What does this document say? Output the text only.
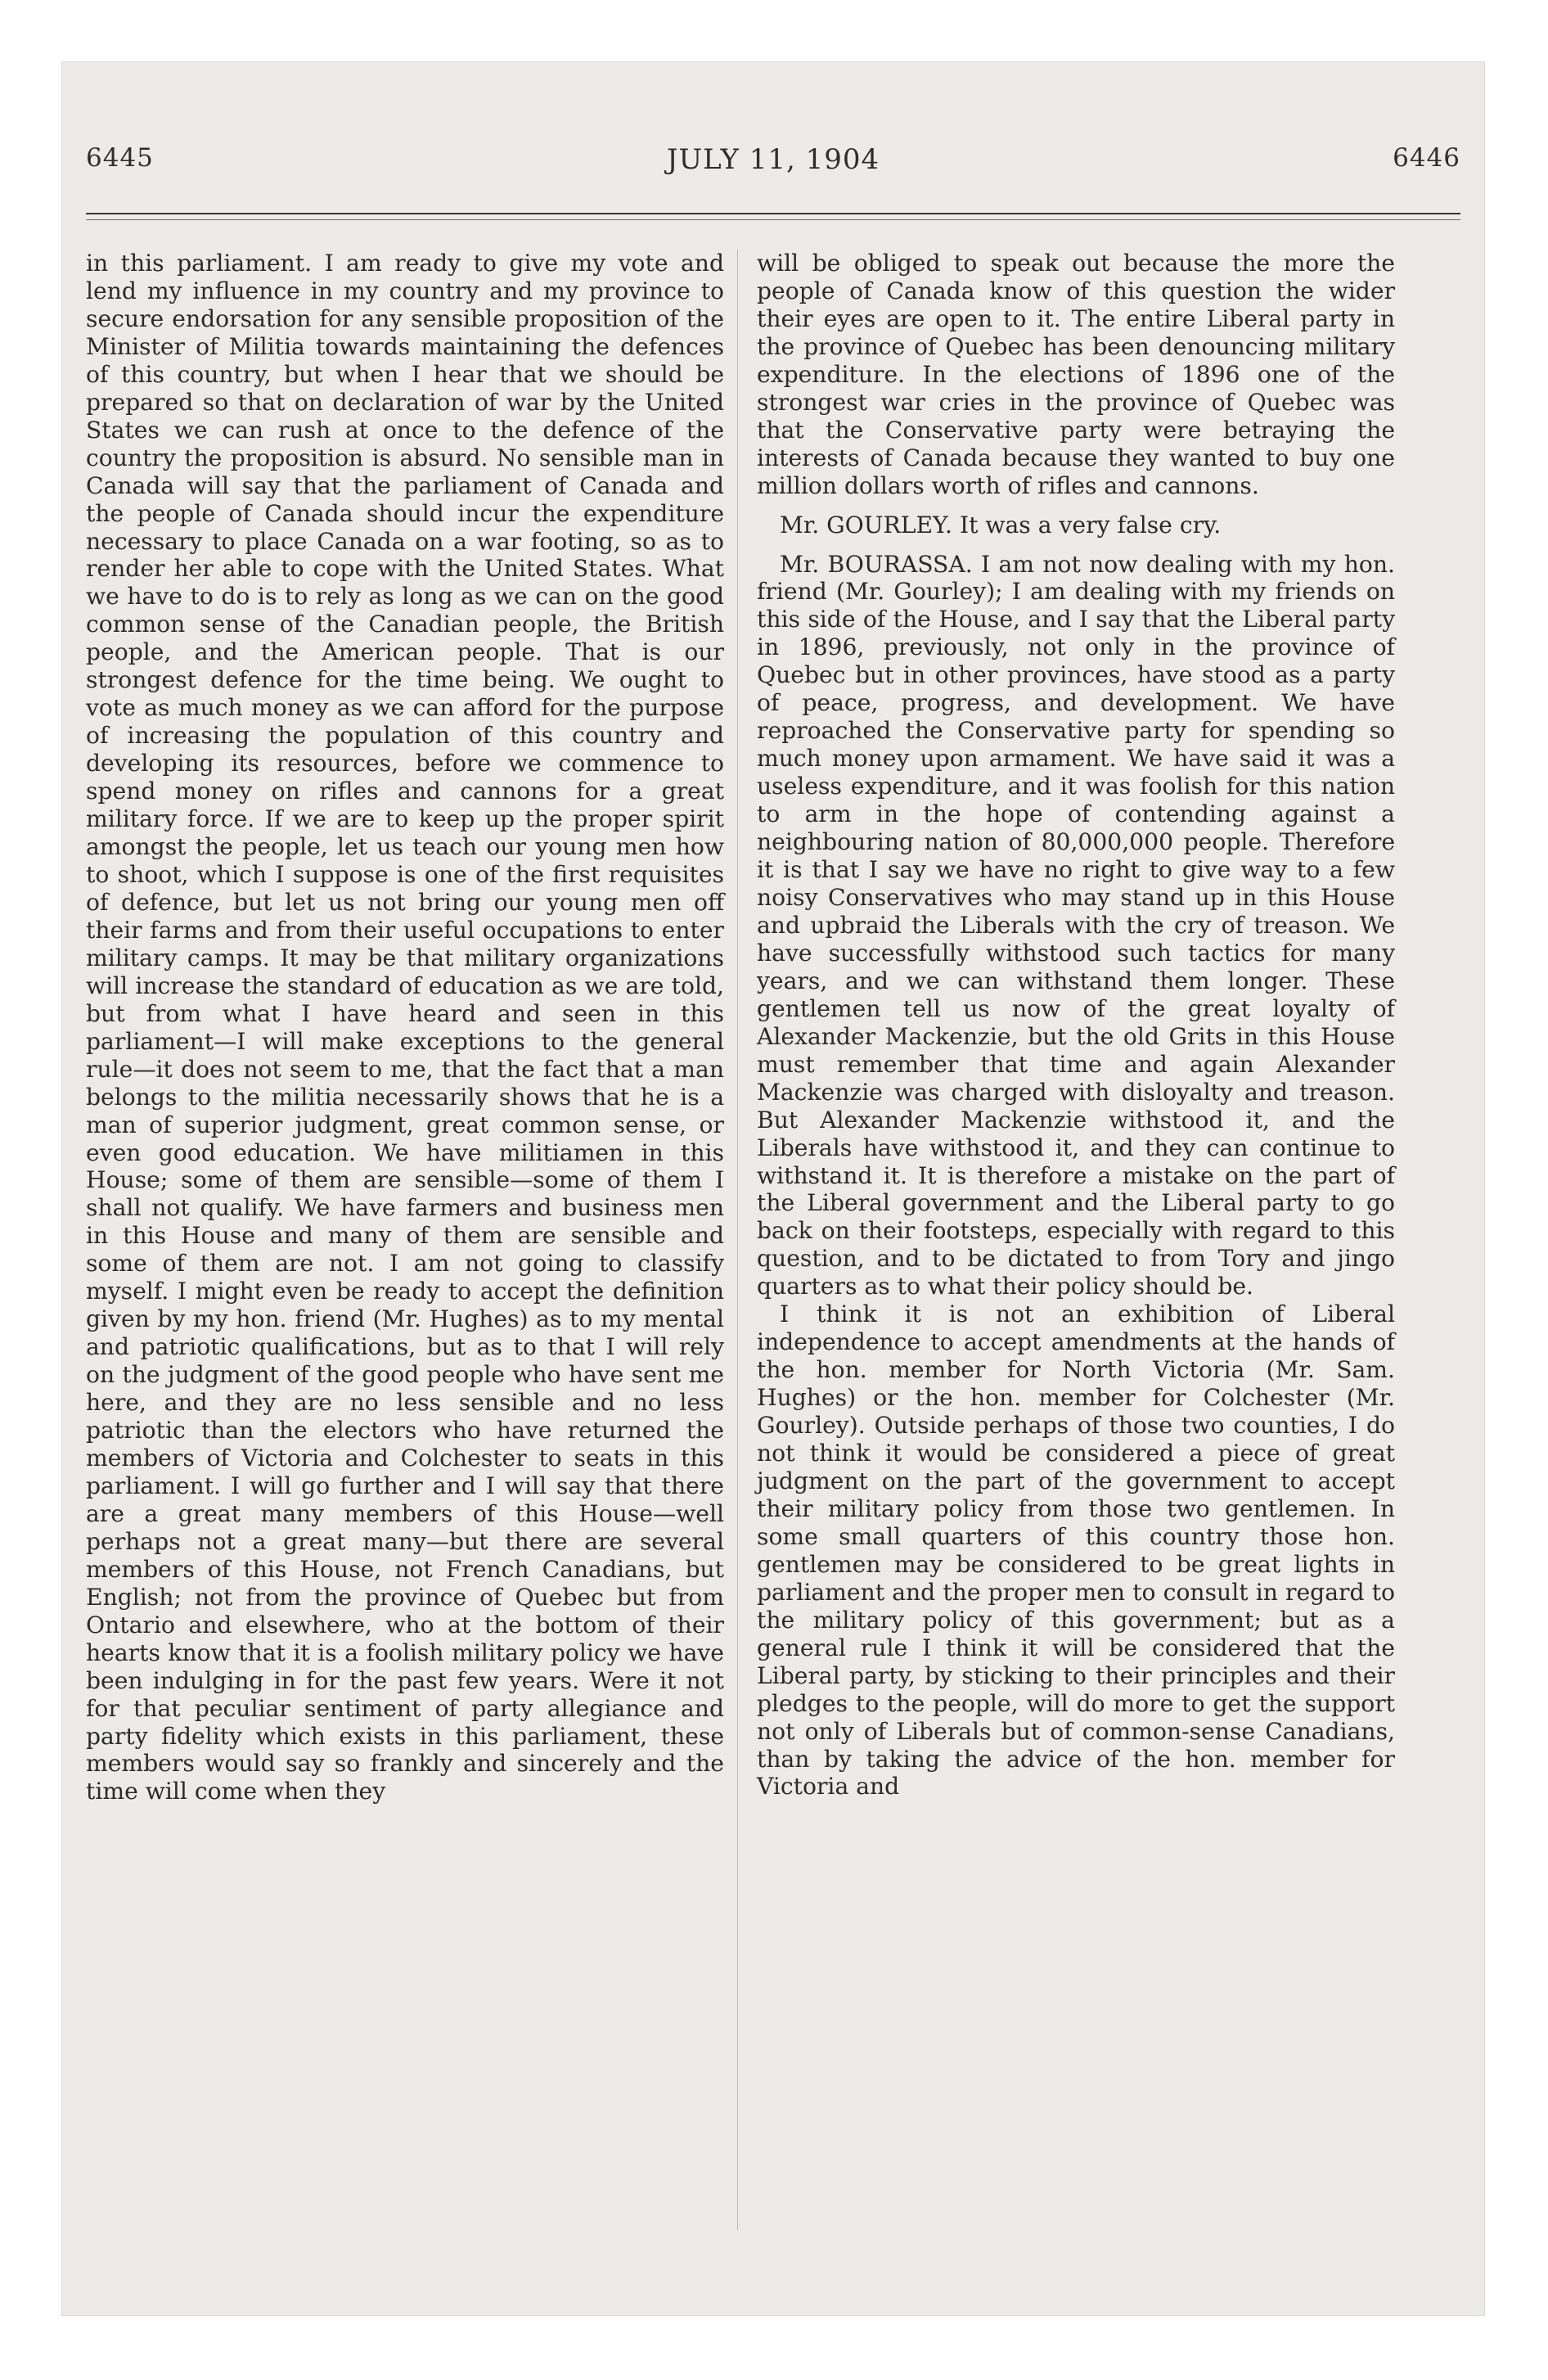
6445	JULY 11, 1904	6446

in this parliament. I am ready to give my vote and lend my influence in my country and my province to secure endorsation for any sensible proposition of the Minister of Militia towards maintaining the defences of this country, but when I hear that we should be prepared so that on declaration of war by the United States we can rush at once to the defence of the country the proposition is absurd. No sensible man in Canada will say that the parliament of Canada and the people of Canada should incur the expenditure necessary to place Canada on a war footing, so as to render her able to cope with the United States. What we have to do is to rely as long as we can on the good common sense of the Canadian people, the British people, and the American people. That is our strongest defence for the time being. We ought to vote as much money as we can afford for the purpose of increasing the population of this country and developing its resources, before we commence to spend money on rifles and cannons for a great military force. If we are to keep up the proper spirit amongst the people, let us teach our young men how to shoot, which I suppose is one of the first requisites of defence, but let us not bring our young men off their farms and from their useful occupations to enter military camps. It may be that military organizations will increase the standard of education as we are told, but from what I have heard and seen in this parliament—I will make exceptions to the general rule—it does not seem to me, that the fact that a man belongs to the militia necessarily shows that he is a man of superior judgment, great common sense, or even good education. We have militiamen in this House; some of them are sensible—some of them I shall not qualify. We have farmers and business men in this House and many of them are sensible and some of them are not. I am not going to classify myself. I might even be ready to accept the definition given by my hon. friend (Mr. Hughes) as to my mental and patriotic qualifications, but as to that I will rely on the judgment of the good people who have sent me here, and they are no less sensible and no less patriotic than the electors who have returned the members of Victoria and Colchester to seats in this parliament. I will go further and I will say that there are a great many members of this House—well perhaps not a great many—but there are several members of this House, not French Canadians, but English; not from the province of Quebec but from Ontario and elsewhere, who at the bottom of their hearts know that it is a foolish military policy we have been indulging in for the past few years. Were it not for that peculiar sentiment of party allegiance and party fidelity which exists in this parliament, these members would say so frankly and sincerely and the time will come when they

will be obliged to speak out because the more the people of Canada know of this question the wider their eyes are open to it. The entire Liberal party in the province of Quebec has been denouncing military expenditure. In the elections of 1896 one of the strongest war cries in the province of Quebec was that the Conservative party were betraying the interests of Canada because they wanted to buy one million dollars worth of rifles and cannons.

Mr. GOURLEY. It was a very false cry.

Mr. BOURASSA. I am not now dealing with my hon. friend (Mr. Gourley); I am dealing with my friends on this side of the House, and I say that the Liberal party in 1896, previously, not only in the province of Quebec but in other provinces, have stood as a party of peace, progress, and development. We have reproached the Conservative party for spending so much money upon armament. We have said it was a useless expenditure, and it was foolish for this nation to arm in the hope of contending against a neighbouring nation of 80,000,000 people. Therefore it is that I say we have no right to give way to a few noisy Conservatives who may stand up in this House and upbraid the Liberals with the cry of treason. We have successfully withstood such tactics for many years, and we can withstand them longer. These gentlemen tell us now of the great loyalty of Alexander Mackenzie, but the old Grits in this House must remember that time and again Alexander Mackenzie was charged with disloyalty and treason. But Alexander Mackenzie withstood it, and the Liberals have withstood it, and they can continue to withstand it. It is therefore a mistake on the part of the Liberal government and the Liberal party to go back on their footsteps, especially with regard to this question, and to be dictated to from Tory and jingo quarters as to what their policy should be.

I think it is not an exhibition of Liberal independence to accept amendments at the hands of the hon. member for North Victoria (Mr. Sam. Hughes) or the hon. member for Colchester (Mr. Gourley). Outside perhaps of those two counties, I do not think it would be considered a piece of great judgment on the part of the government to accept their military policy from those two gentlemen. In some small quarters of this country those hon. gentlemen may be considered to be great lights in parliament and the proper men to consult in regard to the military policy of this government; but as a general rule I think it will be considered that the Liberal party, by sticking to their principles and their pledges to the people, will do more to get the support not only of Liberals but of common-sense Canadians, than by taking the advice of the hon. member for Victoria and
